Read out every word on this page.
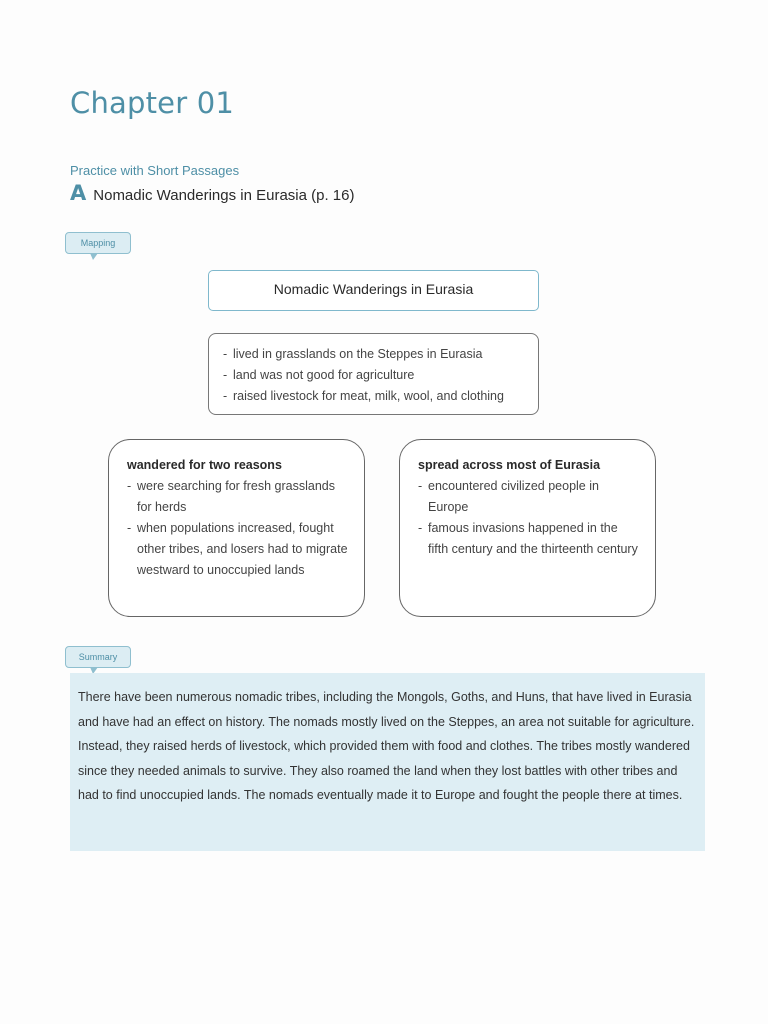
Chapter 01
Practice with Short Passages
A Nomadic Wanderings in Eurasia (p. 16)
Mapping
Nomadic Wanderings in Eurasia
- lived in grasslands on the Steppes in Eurasia
- land was not good for agriculture
- raised livestock for meat, milk, wool, and clothing
wandered for two reasons
- were searching for fresh grasslands for herds
- when populations increased, fought other tribes, and losers had to migrate westward to unoccupied lands
spread across most of Eurasia
- encountered civilized people in Europe
- famous invasions happened in the fifth century and the thirteenth century
Summary

There have been numerous nomadic tribes, including the Mongols, Goths, and Huns, that have lived in Eurasia and have had an effect on history. The nomads mostly lived on the Steppes, an area not suitable for agriculture. Instead, they raised herds of livestock, which provided them with food and clothes. The tribes mostly wandered since they needed animals to survive. They also roamed the land when they lost battles with other tribes and had to find unoccupied lands. The nomads eventually made it to Europe and fought the people there at times.
